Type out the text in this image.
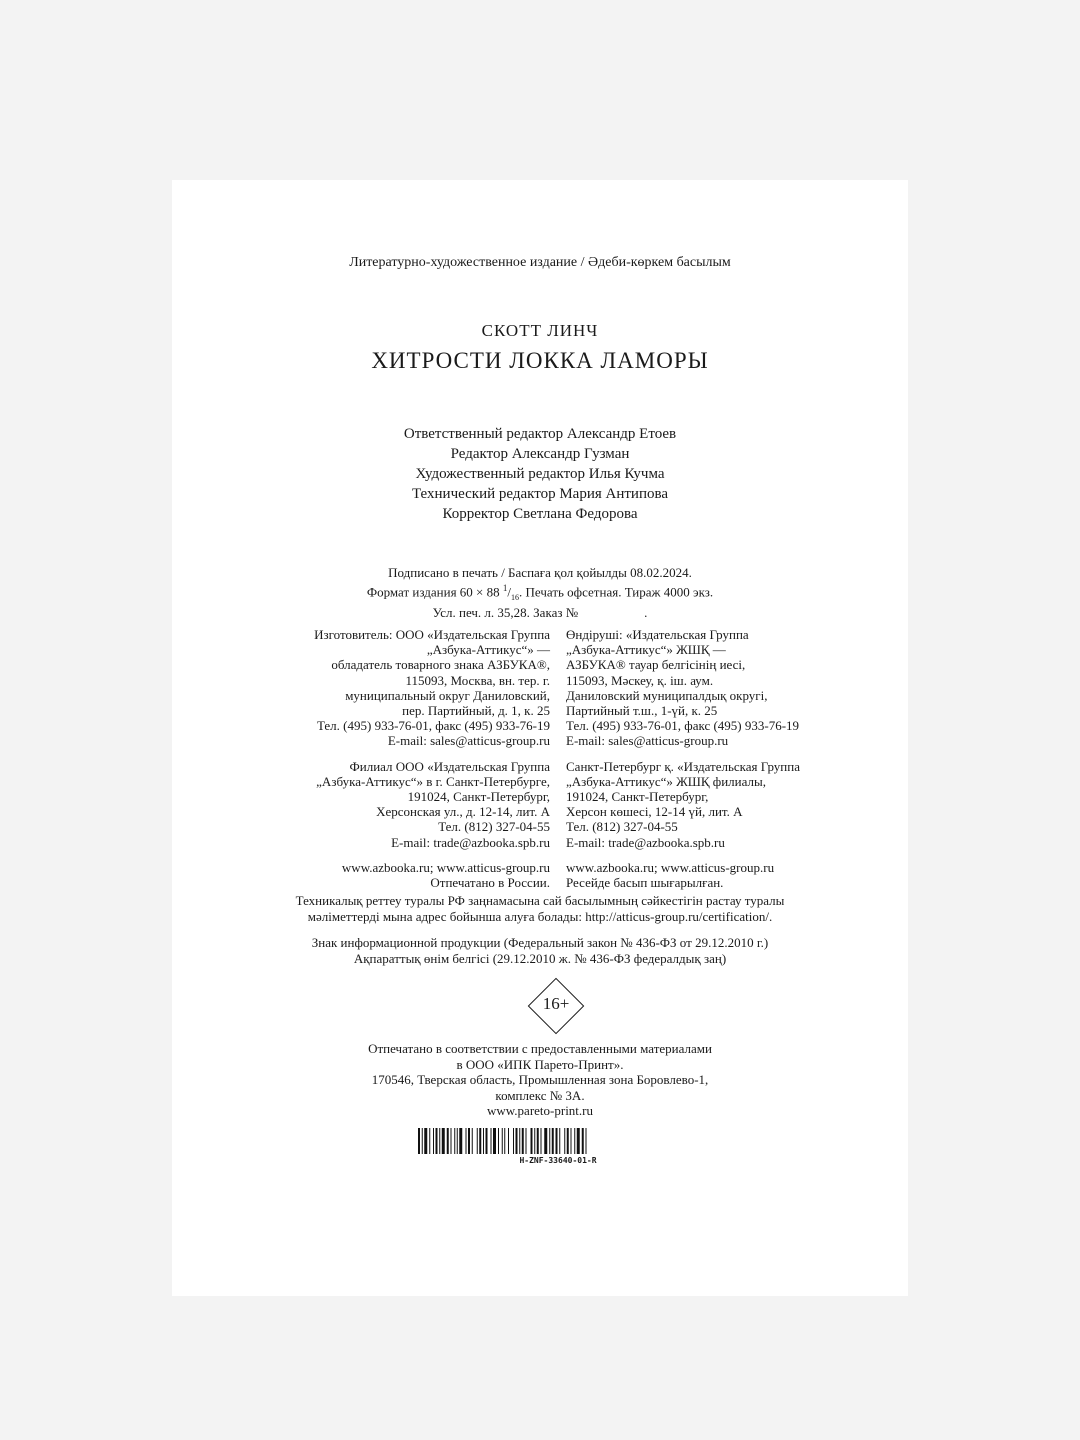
Литературно-художественное издание / Әдеби-көркем басылым
СКОТТ ЛИНЧ
ХИТРОСТИ ЛОККА ЛАМОРЫ
Ответственный редактор Александр Етоев
Редактор Александр Гузман
Художественный редактор Илья Кучма
Технический редактор Мария Антипова
Корректор Светлана Федорова
Подписано в печать / Баспаға қол қойылды 08.02.2024.
Формат издания 60 × 88 $^1/_{16}$. Печать офсетная. Тираж 4000 экз.
Усл. печ. л. 35,28. Заказ №	.
Изготовитель: ООО «Издательская Группа
„Азбука-Аттикус“» —
обладатель товарного знака АЗБУКА®,
115093, Москва, вн. тер. г.
муниципальный округ Даниловский,
пер. Партийный, д. 1, к. 25
Тел. (495) 933-76-01, факс (495) 933-76-19
E-mail: sales@atticus-group.ru
Филиал ООО «Издательская Группа
„Азбука-Аттикус“» в г. Санкт-Петербурге,
191024, Санкт-Петербург,
Херсонская ул., д. 12-14, лит. А
Тел. (812) 327-04-55
E-mail: trade@azbooka.spb.ru
www.azbooka.ru; www.atticus-group.ru
Отпечатано в России.
Өндіруші: «Издательская Группа
„Азбука-Аттикус“» ЖШҚ —
АЗБУКА® тауар белгісінің иесі,
115093, Мәскеу, қ. іш. аум.
Даниловский муниципалдық округі,
Партийный т.ш., 1-үй, к. 25
Тел. (495) 933-76-01, факс (495) 933-76-19
E-mail: sales@atticus-group.ru
Санкт-Петербург қ. «Издательская Группа
„Азбука-Аттикус“» ЖШҚ филиалы,
191024, Санкт-Петербург,
Херсон көшесі, 12-14 үй, лит. А
Тел. (812) 327-04-55
E-mail: trade@azbooka.spb.ru
www.azbooka.ru; www.atticus-group.ru
Ресейде басып шығарылған.
Техникалық реттеу туралы РФ заңнамасына сай басылымның сәйкестігін растау туралы
мәліметтерді мына адрес бойынша алуға болады: http://atticus-group.ru/certification/.
Знак информационной продукции (Федеральный закон № 436-ФЗ от 29.12.2010 г.)
Ақпараттық өнім белгісі (29.12.2010 ж. № 436-ФЗ федералдық заң)
16+
Отпечатано в соответствии с предоставленными материалами
в ООО «ИПК Парето-Принт».
170546, Тверская область, Промышленная зона Боровлево-1,
комплекс № 3А.
www.pareto-print.ru
H-ZNF-33640-01-R
